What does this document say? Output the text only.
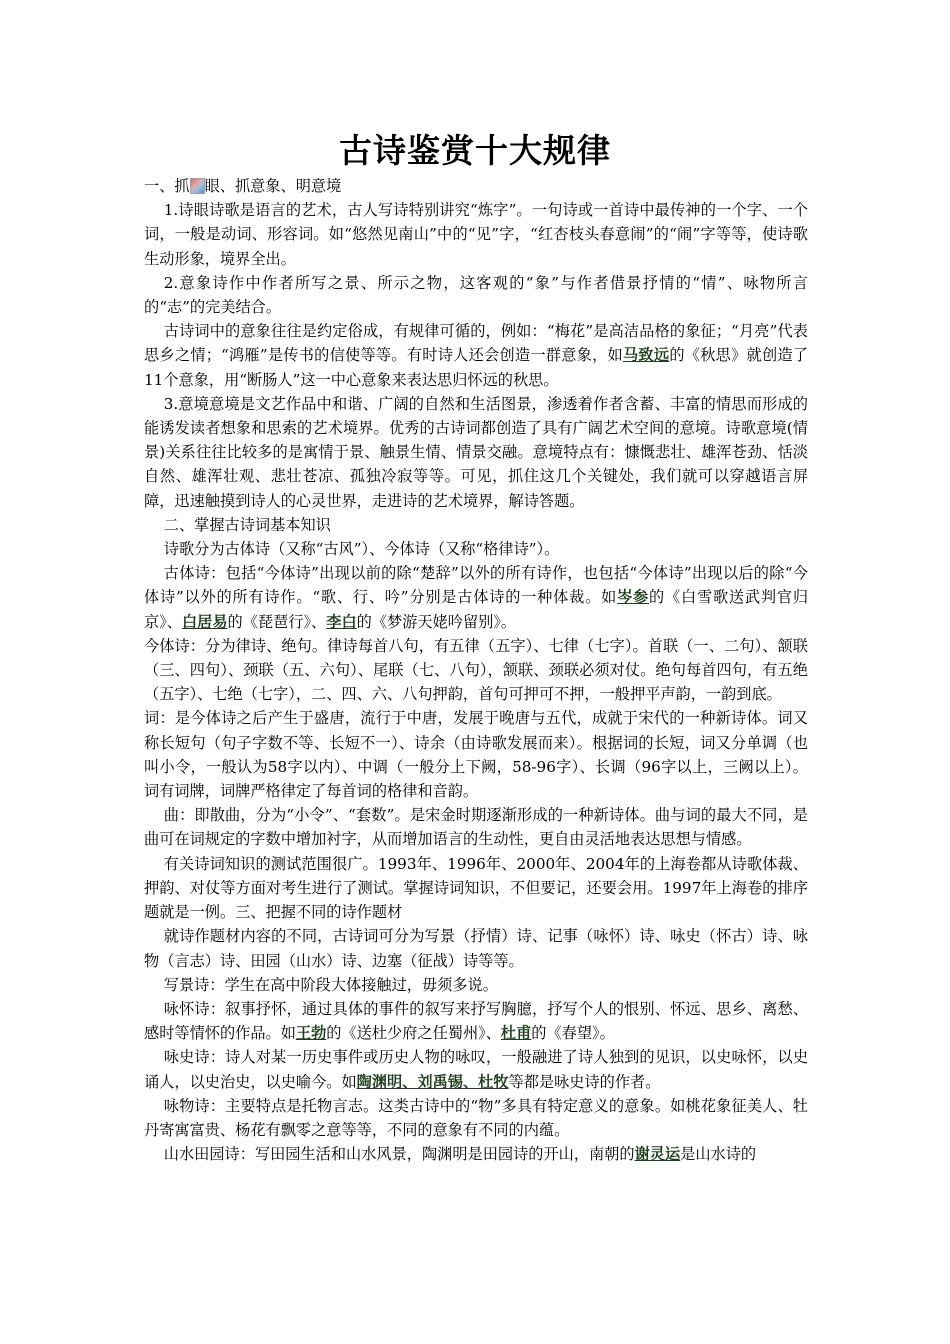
古诗鉴赏十大规律

一、抓 眼、抓意象、明意境

1.诗眼诗歌是语言的艺术，古人写诗特别讲究“炼字”。一句诗或一首诗中最传神的一个字、一个词，一般是动词、形容词。如“悠然见南山”中的“见”字，“红杏枝头春意闹”的“闹”字等等，使诗歌生动形象，境界全出。

2.意象诗作中作者所写之景、所示之物，这客观的“象”与作者借景抒情的“情”、咏物所言的“志”的完美结合。

古诗词中的意象往往是约定俗成，有规律可循的，例如：“梅花”是高洁品格的象征；“月亮”代表思乡之情；“鸿雁”是传书的信使等等。有时诗人还会创造一群意象，如马致远的《秋思》就创造了11个意象，用“断肠人”这一中心意象来表达思归怀远的秋思。

3.意境意境是文艺作品中和谐、广阔的自然和生活图景，渗透着作者含蓄、丰富的情思而形成的能诱发读者想象和思索的艺术境界。优秀的古诗词都创造了具有广阔艺术空间的意境。诗歌意境(情景)关系往往比较多的是寓情于景、触景生情、情景交融。意境特点有：慷慨悲壮、雄浑苍劲、恬淡自然、雄浑壮观、悲壮苍凉、孤独冷寂等等。可见，抓住这几个关键处，我们就可以穿越语言屏障，迅速触摸到诗人的心灵世界，走进诗的艺术境界，解诗答题。

二、掌握古诗词基本知识

诗歌分为古体诗（又称“古风”）、今体诗（又称“格律诗”）。

古体诗：包括“今体诗”出现以前的除“楚辞”以外的所有诗作，也包括“今体诗”出现以后的除“今体诗”以外的所有诗作。“歌、行、吟”分别是古体诗的一种体裁。如岑参的《白雪歌送武判官归京》、白居易的《琵琶行》、李白的《梦游天姥吟留别》。

今体诗：分为律诗、绝句。律诗每首八句，有五律（五字）、七律（七字）。首联（一、二句）、颔联（三、四句）、颈联（五、六句）、尾联（七、八句），颔联、颈联必须对仗。绝句每首四句，有五绝（五字）、七绝（七字），二、四、六、八句押韵，首句可押可不押，一般押平声韵，一韵到底。

词：是今体诗之后产生于盛唐，流行于中唐，发展于晚唐与五代，成就于宋代的一种新诗体。词又称长短句（句子字数不等、长短不一）、诗余（由诗歌发展而来）。根据词的长短，词又分单调（也叫小令，一般认为58字以内）、中调（一般分上下阙，58-96字）、长调（96字以上，三阙以上）。词有词牌，词牌严格律定了每首词的格律和音韵。

曲：即散曲，分为“小令”、“套数”。是宋金时期逐渐形成的一种新诗体。曲与词的最大不同，是曲可在词规定的字数中增加衬字，从而增加语言的生动性，更自由灵活地表达思想与情感。

有关诗词知识的测试范围很广。1993年、1996年、2000年、2004年的上海卷都从诗歌体裁、押韵、对仗等方面对考生进行了测试。掌握诗词知识，不但要记，还要会用。1997年上海卷的排序题就是一例。三、把握不同的诗作题材

就诗作题材内容的不同，古诗词可分为写景（抒情）诗、记事（咏怀）诗、咏史（怀古）诗、咏物（言志）诗、田园（山水）诗、边塞（征战）诗等等。

写景诗：学生在高中阶段大体接触过，毋须多说。

咏怀诗：叙事抒怀，通过具体的事件的叙写来抒写胸臆，抒写个人的恨别、怀远、思乡、离愁、感时等情怀的作品。如王勃的《送杜少府之任蜀州》、杜甫的《春望》。

咏史诗：诗人对某一历史事件或历史人物的咏叹，一般融进了诗人独到的见识，以史咏怀，以史诵人，以史治史，以史喻今。如陶渊明、刘禹锡、杜牧等都是咏史诗的作者。

咏物诗：主要特点是托物言志。这类古诗中的“物”多具有特定意义的意象。如桃花象征美人、牡丹寄寓富贵、杨花有飘零之意等等，不同的意象有不同的内蕴。

山水田园诗：写田园生活和山水风景，陶渊明是田园诗的开山，南朝的谢灵运是山水诗的
